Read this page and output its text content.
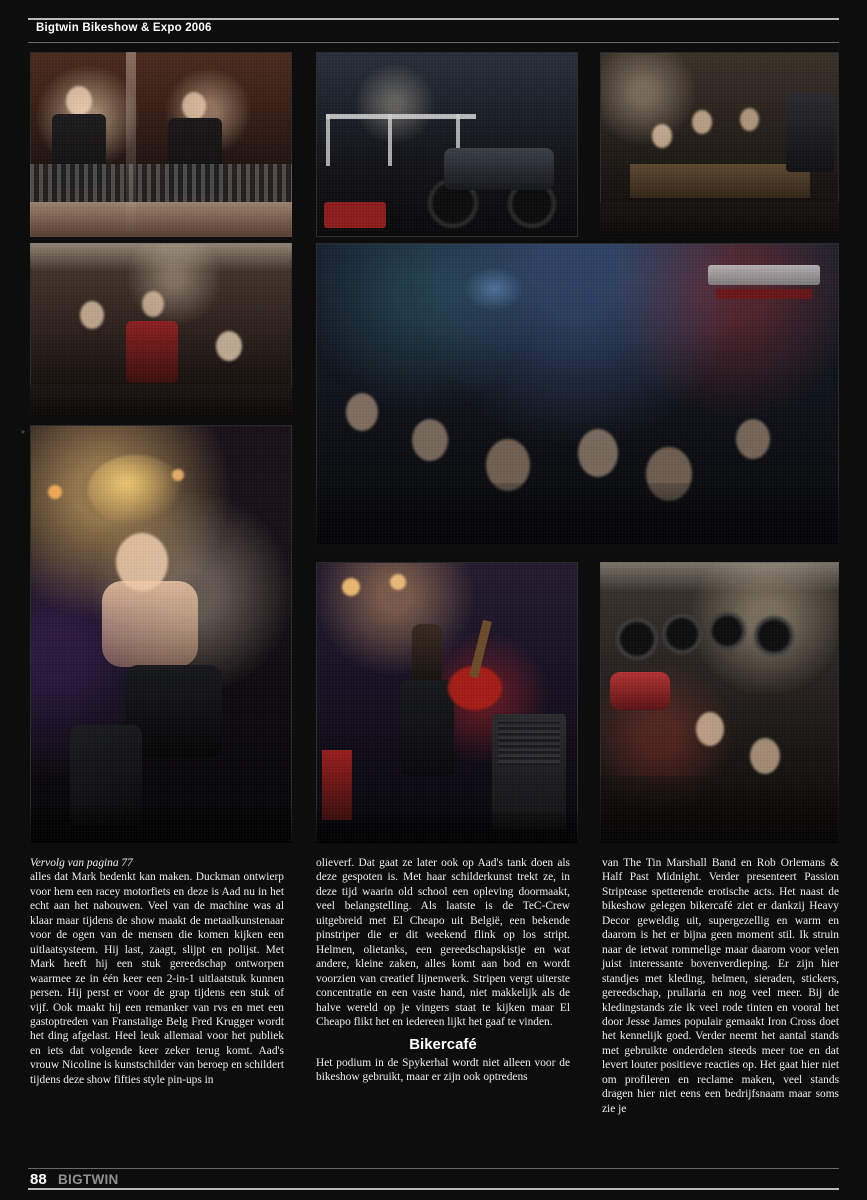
Bigtwin Bikeshow & Expo 2006
»

Vervolg van pagina 77

alles dat Mark bedenkt kan maken. Duckman ontwierp voor hem een racey motorfiets en deze is Aad nu in het echt aan het nabouwen. Veel van de machine was al klaar maar tijdens de show maakt de metaalkunstenaar voor de ogen van de mensen die komen kijken een uitlaatsysteem. Hij last, zaagt, slijpt en polijst. Met Mark heeft hij een stuk gereedschap ontworpen waarmee ze in één keer een 2-in-1 uitlaatstuk kunnen persen. Hij perst er voor de grap tijdens een stuk of vijf. Ook maakt hij een remanker van rvs en met een gastoptreden van Franstalige Belg Fred Krugger wordt het ding afgelast. Heel leuk allemaal voor het publiek en iets dat volgende keer zeker terug komt. Aad's vrouw Nicoline is kunstschilder van beroep en schildert tijdens deze show fifties style pin-ups in

olieverf. Dat gaat ze later ook op Aad's tank doen als deze gespoten is. Met haar schilderkunst trekt ze, in deze tijd waarin old school een opleving doormaakt, veel belangstelling. Als laatste is de TeC-Crew uitgebreid met El Cheapo uit België, een bekende pinstriper die er dit weekend flink op los stript. Helmen, olietanks, een gereedschapskistje en wat andere, kleine zaken, alles komt aan bod en wordt voorzien van creatief lijnenwerk. Stripen vergt uiterste concentratie en een vaste hand, niet makkelijk als de halve wereld op je vingers staat te kijken maar El Cheapo flikt het en iedereen lijkt het gaaf te vinden.

Bikercafé

Het podium in de Spykerhal wordt niet alleen voor de bikeshow gebruikt, maar er zijn ook optredens

van The Tin Marshall Band en Rob Orlemans & Half Past Midnight. Verder presenteert Passion Striptease spetterende erotische acts. Het naast de bikeshow gelegen bikercafé ziet er dankzij Heavy Decor geweldig uit, supergezellig en warm en daarom is het er bijna geen moment stil. Ik struin naar de ietwat rommelige maar daarom voor velen juist interessante bovenverdieping. Er zijn hier standjes met kleding, helmen, sieraden, stickers, gereedschap, prullaria en nog veel meer. Bij de kledingstands zie ik veel rode tinten en vooral het door Jesse James populair gemaakt Iron Cross doet het kennelijk goed. Verder neemt het aantal stands met gebruikte onderdelen steeds meer toe en dat levert louter positieve reacties op. Het gaat hier niet om profileren en reclame maken, veel stands dragen hier niet eens een bedrijfsnaam maar soms zie je

88 BIGTWIN
